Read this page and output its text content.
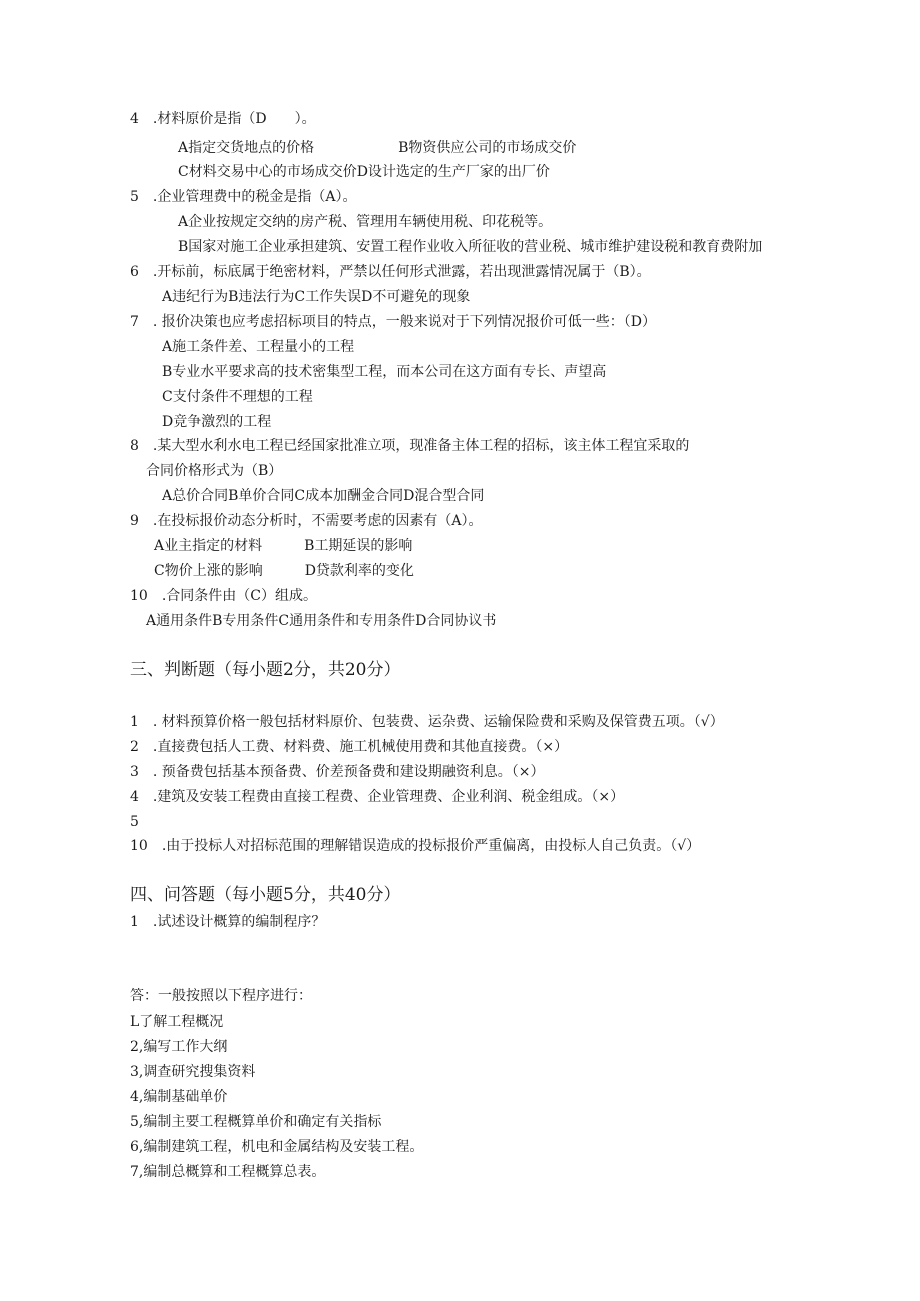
4　.材料原价是指（D　　）。
A指定交货地点的价格　　　　　　B物资供应公司的市场成交价
C材料交易中心的市场成交价D设计选定的生产厂家的出厂价
5　.企业管理费中的税金是指（A）。
A企业按规定交纳的房产税、管理用车辆使用税、印花税等。
B国家对施工企业承担建筑、安置工程作业收入所征收的营业税、城市维护建设税和教育费附加
6　.开标前，标底属于绝密材料，严禁以任何形式泄露，若出现泄露情况属于（B）。
A违纪行为B违法行为C工作失误D不可避免的现象
7　. 报价决策也应考虑招标项目的特点，一般来说对于下列情况报价可低一些：（D）
A施工条件差、工程量小的工程
B专业水平要求高的技术密集型工程，而本公司在这方面有专长、声望高
C支付条件不理想的工程
D竞争激烈的工程
8　.某大型水利水电工程已经国家批准立项，现准备主体工程的招标，该主体工程宜采取的
合同价格形式为（B）
A总价合同B单价合同C成本加酬金合同D混合型合同
9　.在投标报价动态分析时，不需要考虑的因素有（A）。
A业主指定的材料　　　B工期延误的影响
C物价上涨的影响　　　D贷款利率的变化
10　.合同条件由（C）组成。
A通用条件B专用条件C通用条件和专用条件D合同协议书
三、判断题（每小题2分，共20分）
1　. 材料预算价格一般包括材料原价、包装费、运杂费、运输保险费和采购及保管费五项。（√）
2　.直接费包括人工费、材料费、施工机械使用费和其他直接费。（×）
3　. 预备费包括基本预备费、价差预备费和建设期融资利息。（×）
4　.建筑及安装工程费由直接工程费、企业管理费、企业利润、税金组成。（×）
5
10　.由于投标人对招标范围的理解错误造成的投标报价严重偏离，由投标人自己负责。（√）
四、问答题（每小题5分，共40分）
1　.试述设计概算的编制程序？
答：一般按照以下程序进行：
L了解工程概况
2,编写工作大纲
3,调查研究搜集资料
4,编制基础单价
5,编制主要工程概算单价和确定有关指标
6,编制建筑工程，机电和金属结构及安装工程。
7,编制总概算和工程概算总表。
